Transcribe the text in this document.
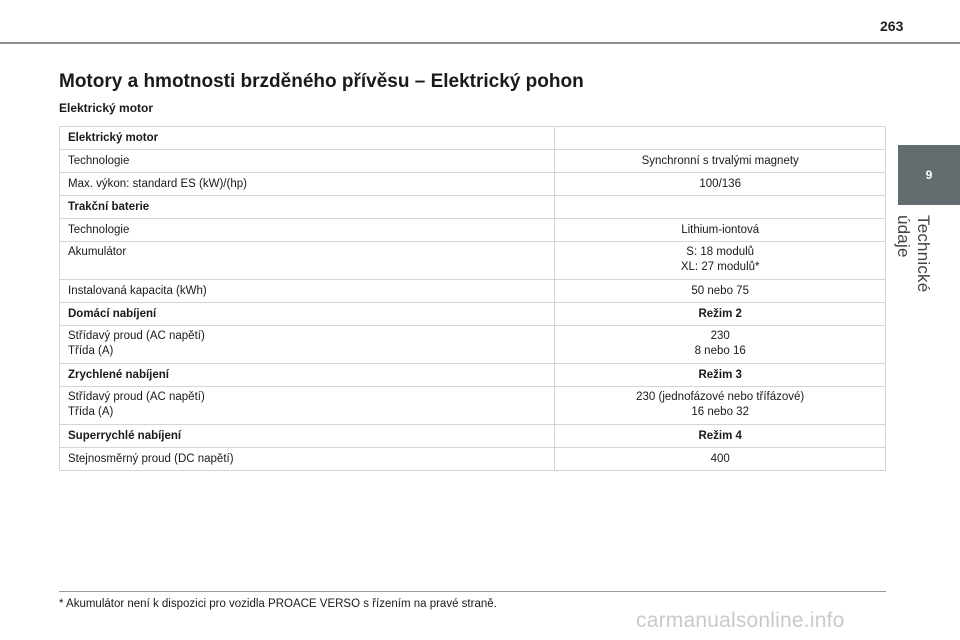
263
9
Technické údaje
Motory a hmotnosti brzděného přívěsu – Elektrický pohon
Elektrický motor
Elektrický motor	

Technologie	Synchronní s trvalými magnety

Max. výkon: standard ES (kW)/(hp)	100/136

Trakční baterie	

Technologie	Lithium-iontová

Akumulátor	S: 18 modulů
XL: 27 modulů*

Instalovaná kapacita (kWh)	50 nebo 75

Domácí nabíjení	Režim 2

Střídavý proud (AC napětí)
Třída (A)	230
8 nebo 16

Zrychlené nabíjení	Režim 3

Střídavý proud (AC napětí)
Třída (A)	230 (jednofázové nebo třífázové)
16 nebo 32

Superrychlé nabíjení	Režim 4

Stejnosměrný proud (DC napětí)	400
* Akumulátor není k dispozici pro vozidla PROACE VERSO s řízením na pravé straně.
carmanualsonline.info
